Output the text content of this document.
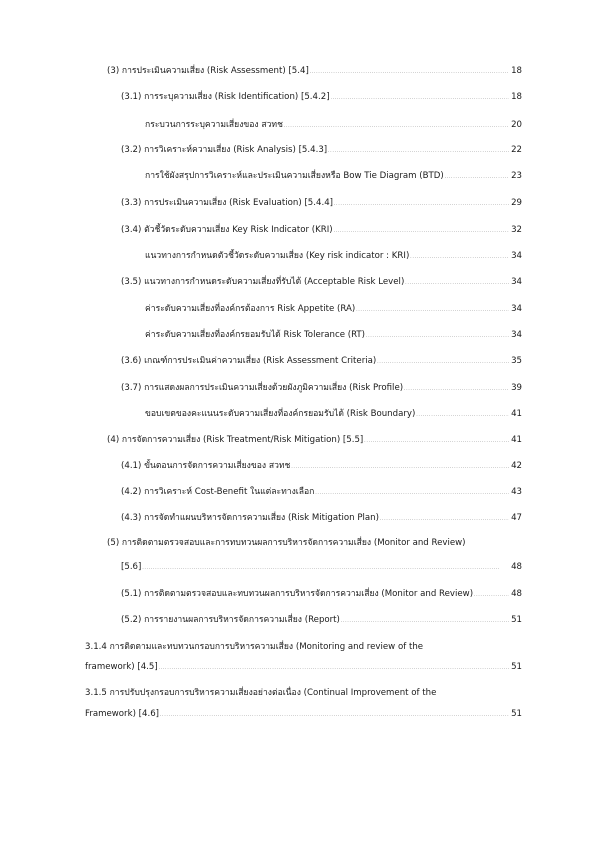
(3) การประเมินความเสี่ยง (Risk Assessment) [5.4] . . .	18
(3.1) การระบุความเสี่ยง (Risk Identification) [5.4.2] . . .	18
กระบวนการระบุความเสี่ยงของ สวทช . . .	20
(3.2) การวิเคราะห์ความเสี่ยง (Risk Analysis) [5.4.3] . . .	22
การใช้ผังสรุปการวิเคราะห์และประเมินความเสี่ยงหรือ Bow Tie Diagram (BTD) . . .	23
(3.3) การประเมินความเสี่ยง (Risk Evaluation) [5.4.4] . . .	29
(3.4) ตัวชี้วัดระดับความเสี่ยง Key Risk Indicator (KRI) . . .	32
แนวทางการกำหนดตัวชี้วัดระดับความเสี่ยง (Key risk indicator : KRI) . . .	34
(3.5) แนวทางการกำหนดระดับความเสี่ยงที่รับได้ (Acceptable Risk Level) . . .	34
ค่าระดับความเสี่ยงที่องค์กรต้องการ Risk Appetite (RA) . . .	34
ค่าระดับความเสี่ยงที่องค์กรยอมรับได้ Risk Tolerance (RT) . . .	34
(3.6) เกณฑ์การประเมินค่าความเสี่ยง (Risk Assessment Criteria) . . .	35
(3.7) การแสดงผลการประเมินความเสี่ยงด้วยผังภูมิความเสี่ยง (Risk Profile) . . .	39
ขอบเขตของคะแนนระดับความเสี่ยงที่องค์กรยอมรับได้ (Risk Boundary) . . .	41
(4) การจัดการความเสี่ยง (Risk Treatment/Risk Mitigation) [5.5] . . .	41
(4.1) ขั้นตอนการจัดการความเสี่ยงของ สวทช . . .	42
(4.2) การวิเคราะห์ Cost-Benefit ในแต่ละทางเลือก . . .	43
(4.3) การจัดทำแผนบริหารจัดการความเสี่ยง (Risk Mitigation Plan) . . .	47
(5) การติดตามตรวจสอบและการทบทวนผลการบริหารจัดการความเสี่ยง (Monitor and Review)
[5.6] . . .	48
(5.1) การติดตามตรวจสอบและทบทวนผลการบริหารจัดการความเสี่ยง (Monitor and Review) . . .	48
(5.2) การรายงานผลการบริหารจัดการความเสี่ยง (Report) . . .	51
3.1.4 การติดตามและทบทวนกรอบการบริหารความเสี่ยง (Monitoring and review of the
framework) [4.5] . . .	51
3.1.5 การปรับปรุงกรอบการบริหารความเสี่ยงอย่างต่อเนื่อง (Continual Improvement of the
Framework) [4.6] . . .	51
